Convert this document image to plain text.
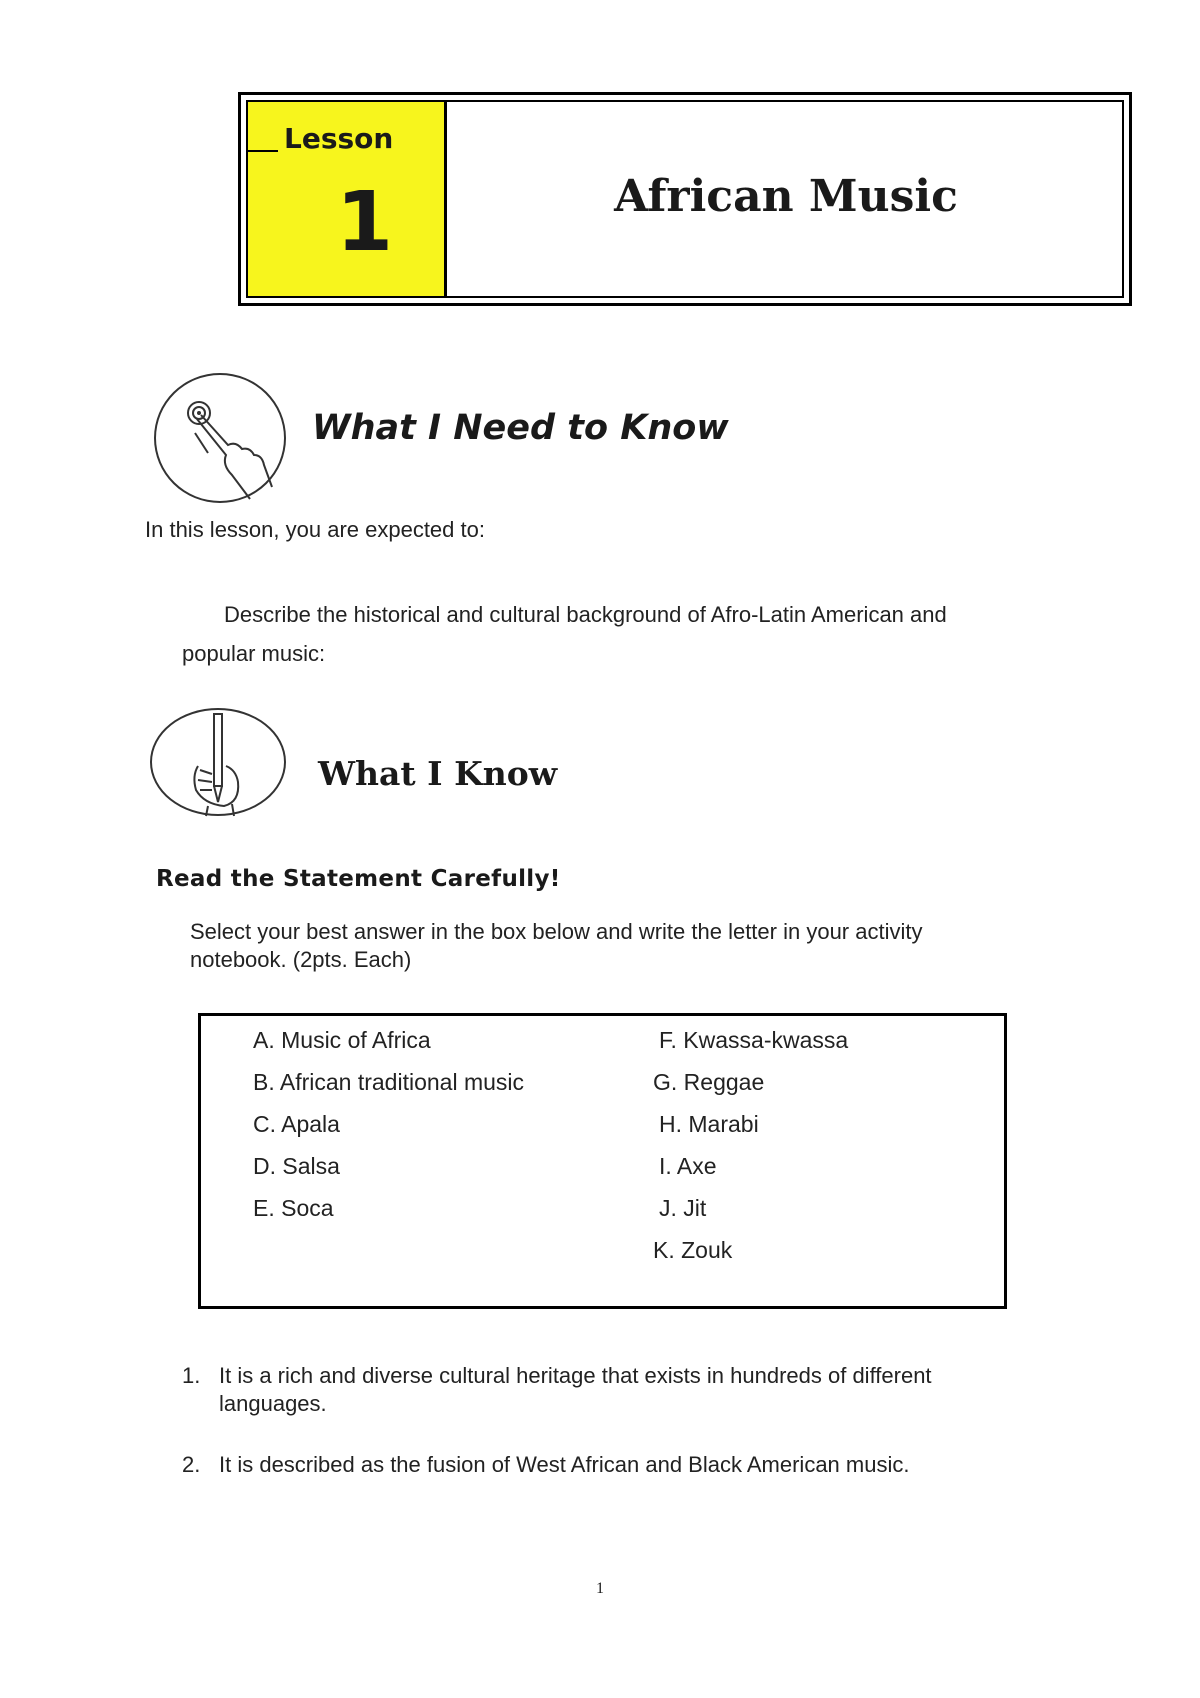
Lesson
1	African Music
What I Need to Know
In this lesson, you are expected to:
Describe the historical and cultural background of Afro-Latin American and
popular music:
What I Know
Read the Statement Carefully!
Select your best answer in the box below and write the letter in your activity
notebook. (2pts. Each)
A. Music of Africa
B. African traditional music
C. Apala
D. Salsa
E. Soca
F. Kwassa-kwassa
G. Reggae
H. Marabi
I. Axe
J. Jit
K. Zouk
1. It is a rich and diverse cultural heritage that exists in hundreds of different
languages.
2. It is described as the fusion of West African and Black American music.
1
